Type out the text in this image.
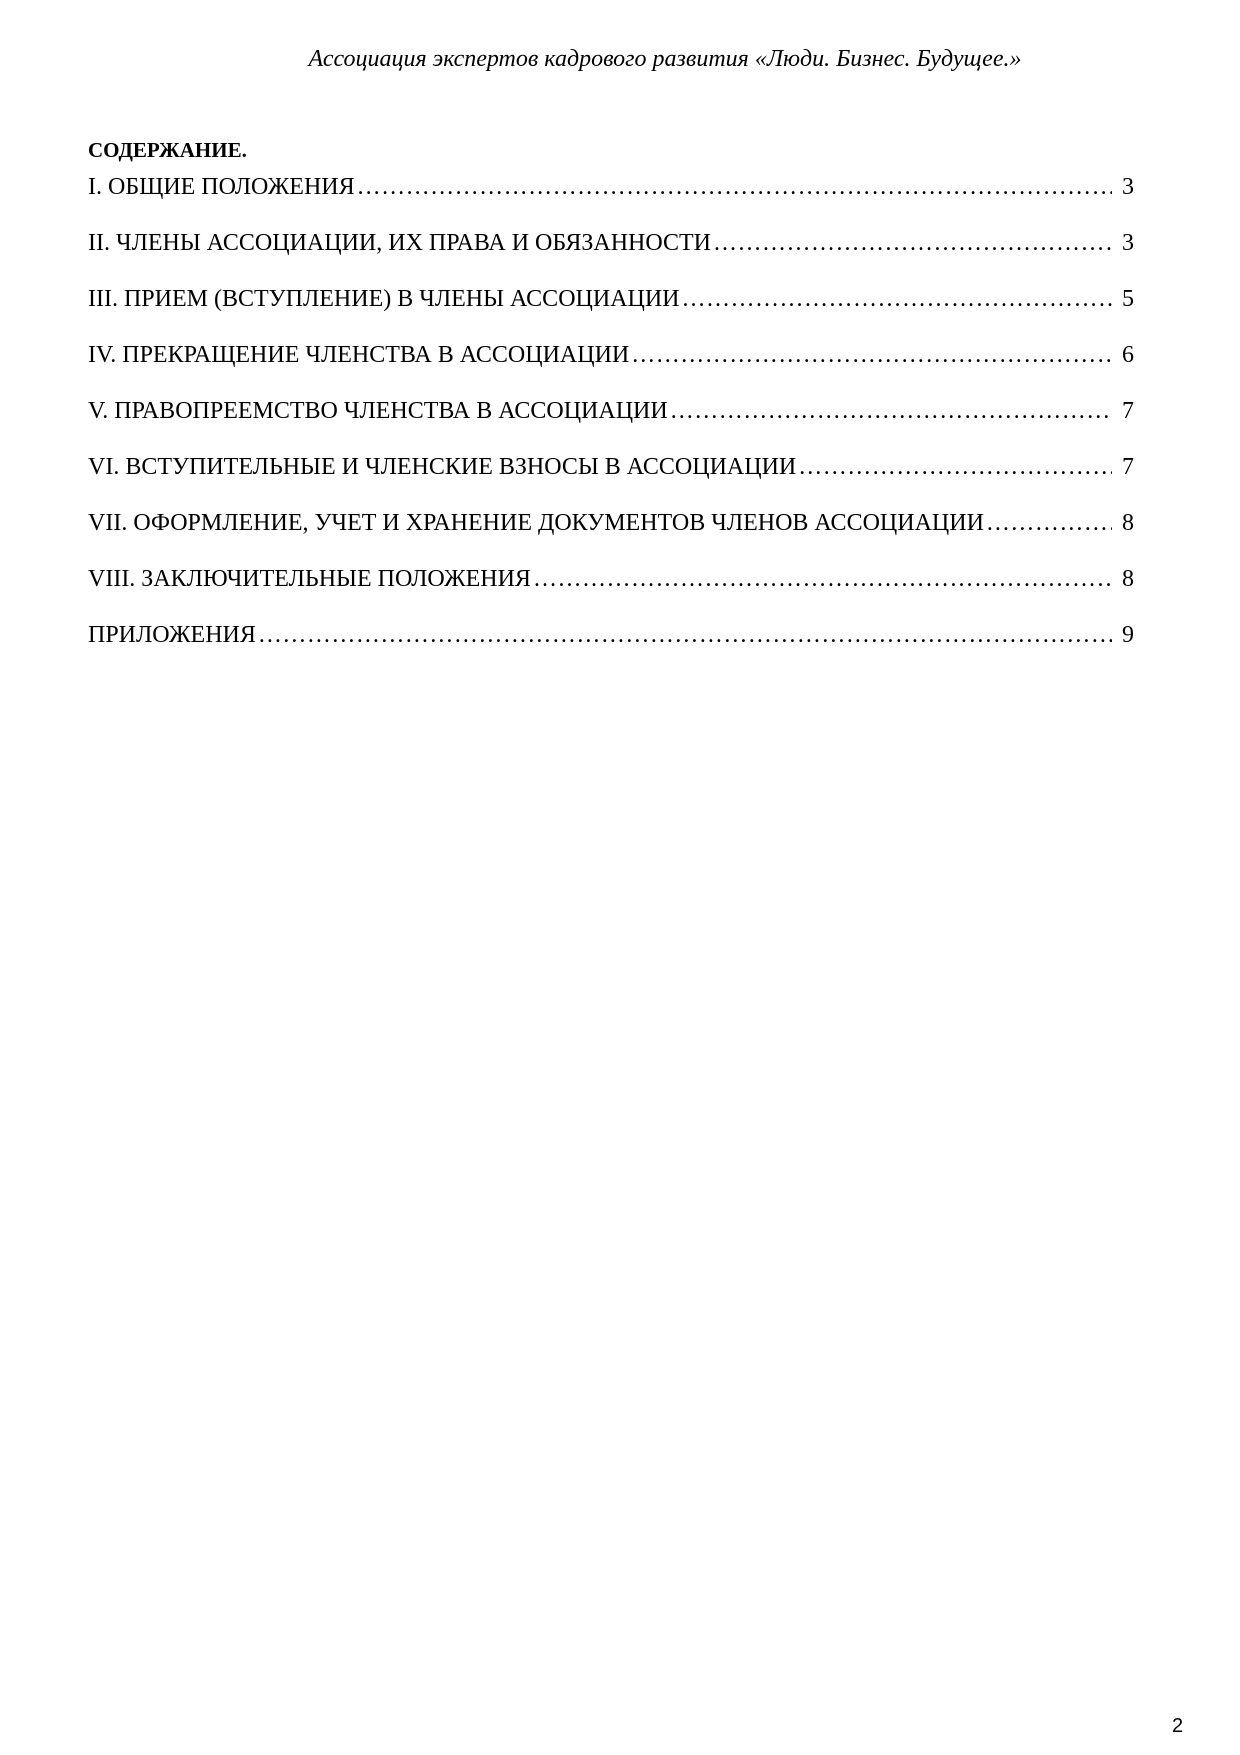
Ассоциация экспертов кадрового развития «Люди. Бизнес. Будущее.»
СОДЕРЖАНИЕ.
I. ОБЩИЕ ПОЛОЖЕНИЯ ……………………………………………………………………………………………………………………………………………………………………………………………………………………	3
II. ЧЛЕНЫ АССОЦИАЦИИ, ИХ ПРАВА И ОБЯЗАННОСТИ ……………………………………………………………………………………………………………………………………………………………………………………………………………………	3
III. ПРИЕМ (ВСТУПЛЕНИЕ) В ЧЛЕНЫ АССОЦИАЦИИ ……………………………………………………………………………………………………………………………………………………………………………………………………………………	5
IV. ПРЕКРАЩЕНИЕ ЧЛЕНСТВА В АССОЦИАЦИИ ……………………………………………………………………………………………………………………………………………………………………………………………………………………	6
V. ПРАВОПРЕЕМСТВО ЧЛЕНСТВА В АССОЦИАЦИИ ……………………………………………………………………………………………………………………………………………………………………………………………………………………	7
VI. ВСТУПИТЕЛЬНЫЕ И ЧЛЕНСКИЕ ВЗНОСЫ В АССОЦИАЦИИ ……………………………………………………………………………………………………………………………………………………………………………………………………………………	7
VII. ОФОРМЛЕНИЕ, УЧЕТ И ХРАНЕНИЕ ДОКУМЕНТОВ ЧЛЕНОВ АССОЦИАЦИИ ……………………………………………………………………………………………………………………………………………………………………………………………………………………	8
VIII. ЗАКЛЮЧИТЕЛЬНЫЕ ПОЛОЖЕНИЯ ……………………………………………………………………………………………………………………………………………………………………………………………………………………	8
ПРИЛОЖЕНИЯ ……………………………………………………………………………………………………………………………………………………………………………………………………………………	9
2
